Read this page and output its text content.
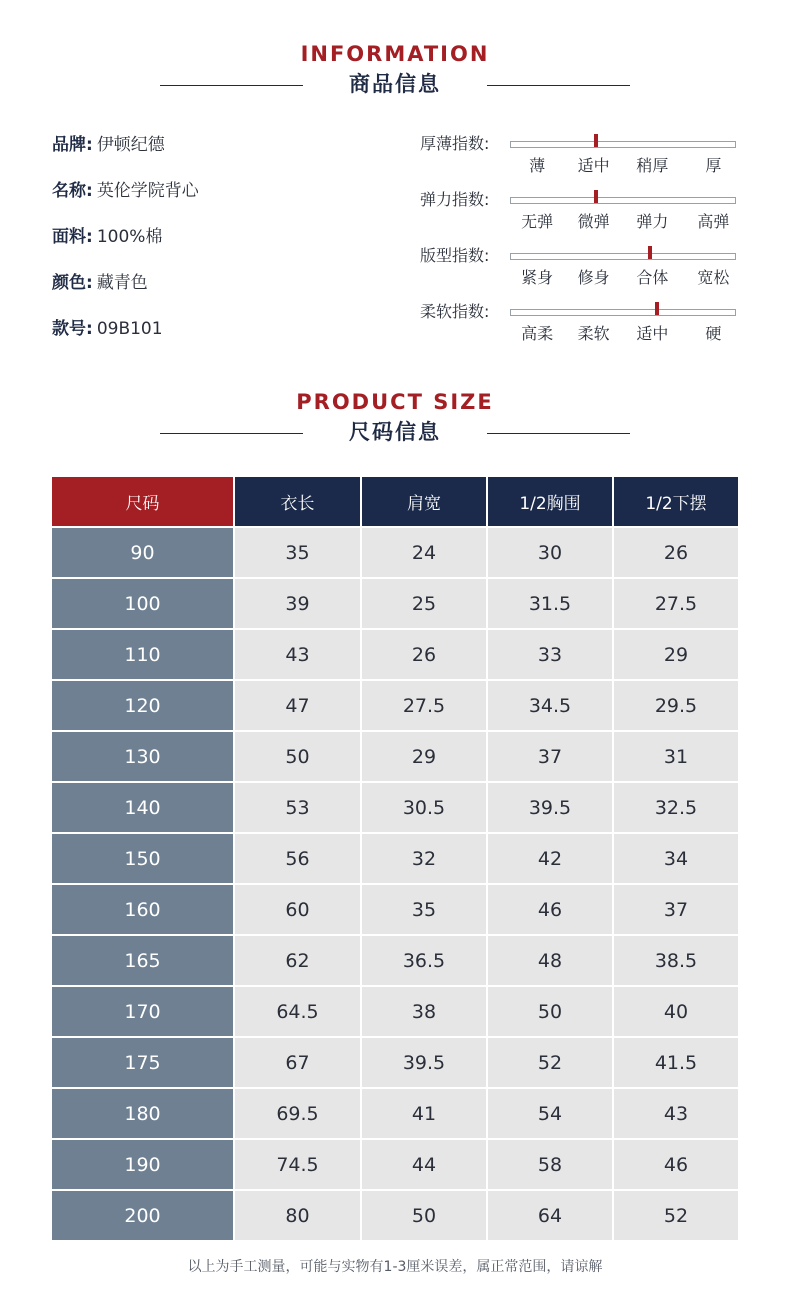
INFORMATION
商品信息
品牌: 伊顿纪德
名称: 英伦学院背心
面料: 100%棉
颜色: 藏青色
款号: 09B101
厚薄指数:
薄 适中 稍厚 厚
弹力指数:
无弹 微弹 弹力 高弹
版型指数:
紧身 修身 合体 宽松
柔软指数:
高柔 柔软 适中 硬
PRODUCT SIZE
尺码信息
尺码	衣长	肩宽	1/2胸围	1/2下摆
90	35	24	30	26
100	39	25	31.5	27.5
110	43	26	33	29
120	47	27.5	34.5	29.5
130	50	29	37	31
140	53	30.5	39.5	32.5
150	56	32	42	34
160	60	35	46	37
165	62	36.5	48	38.5
170	64.5	38	50	40
175	67	39.5	52	41.5
180	69.5	41	54	43
190	74.5	44	58	46
200	80	50	64	52
以上为手工测量，可能与实物有1-3厘米误差，属正常范围，请谅解
